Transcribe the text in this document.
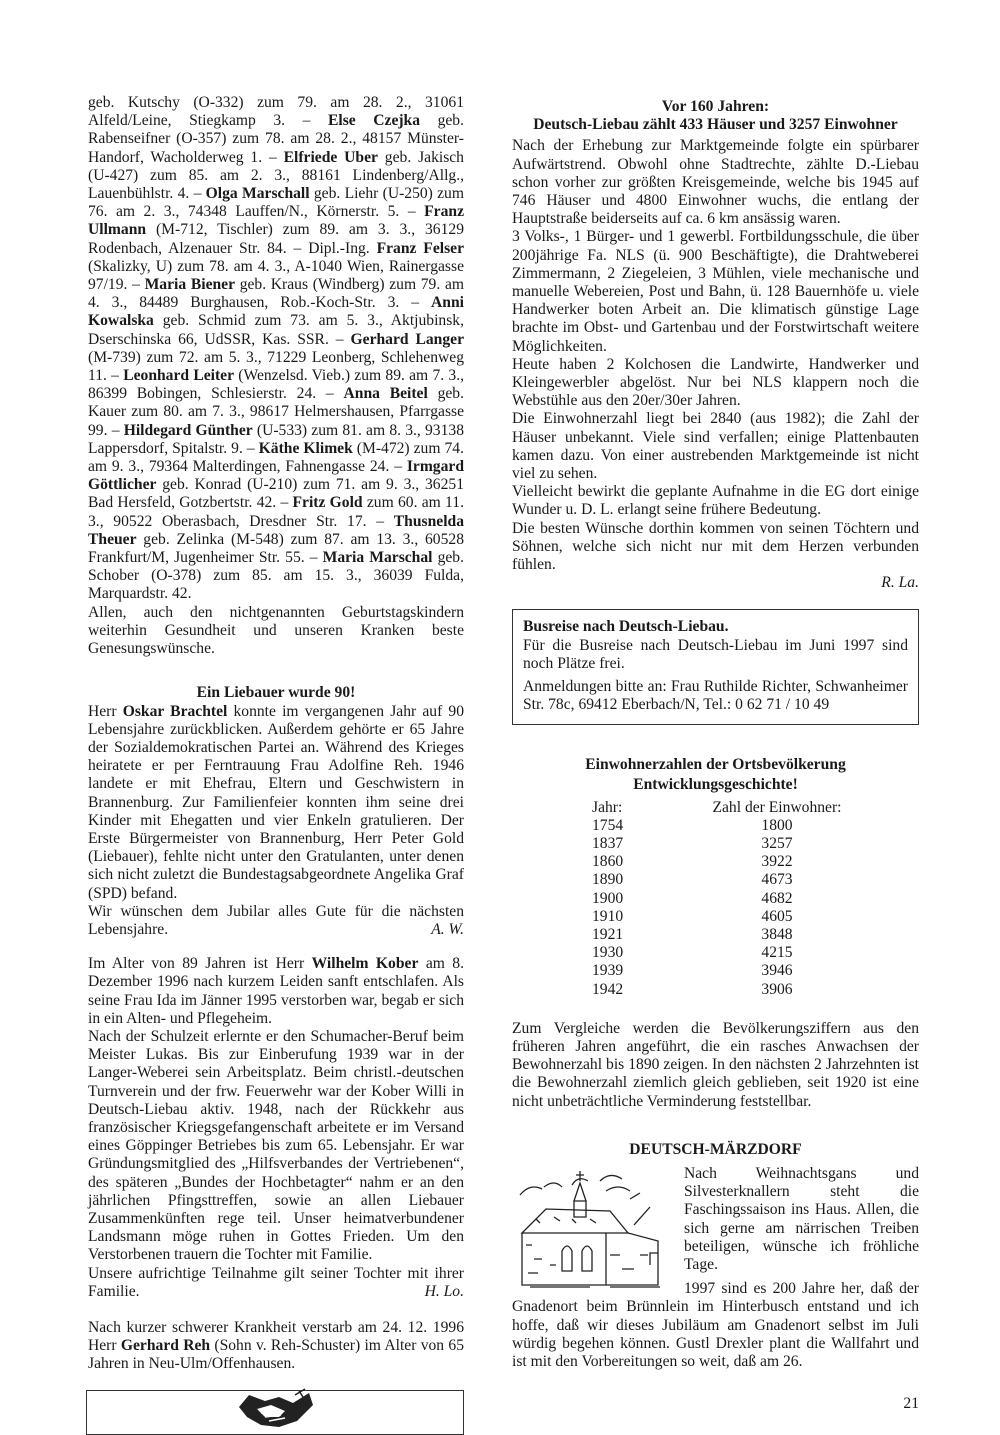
geb. Kutschy (O-332) zum 79. am 28. 2., 31061 Alfeld/Leine, Stiegkamp 3. – Else Czejka geb. Rabenseifner (O-357) zum 78. am 28. 2., 48157 Münster-Handorf, Wacholderweg 1. – Elfriede Uber geb. Jakisch (U-427) zum 85. am 2. 3., 88161 Lindenberg/Allg., Lauenbühlstr. 4. – Olga Marschall geb. Liehr (U-250) zum 76. am 2. 3., 74348 Lauffen/N., Körnerstr. 5. – Franz Ullmann (M-712, Tischler) zum 89. am 3. 3., 36129 Rodenbach, Alzenauer Str. 84. – Dipl.-Ing. Franz Felser (Skalizky, U) zum 78. am 4. 3., A-1040 Wien, Rainergasse 97/19. – Maria Biener geb. Kraus (Windberg) zum 79. am 4. 3., 84489 Burghausen, Rob.-Koch-Str. 3. – Anni Kowalska geb. Schmid zum 73. am 5. 3., Aktjubinsk, Dserschinska 66, UdSSR, Kas. SSR. – Gerhard Langer (M-739) zum 72. am 5. 3., 71229 Leonberg, Schlehenweg 11. – Leonhard Leiter (Wenzelsd. Vieb.) zum 89. am 7. 3., 86399 Bobingen, Schlesierstr. 24. – Anna Beitel geb. Kauer zum 80. am 7. 3., 98617 Helmershausen, Pfarrgasse 99. – Hildegard Günther (U-533) zum 81. am 8. 3., 93138 Lappersdorf, Spitalstr. 9. – Käthe Klimek (M-472) zum 74. am 9. 3., 79364 Malterdingen, Fahnengasse 24. – Irmgard Göttlicher geb. Konrad (U-210) zum 71. am 9. 3., 36251 Bad Hersfeld, Gotzbertstr. 42. – Fritz Gold zum 60. am 11. 3., 90522 Oberasbach, Dresdner Str. 17. – Thusnelda Theuer geb. Zelinka (M-548) zum 87. am 13. 3., 60528 Frankfurt/M, Jugenheimer Str. 55. – Maria Marschal geb. Schober (O-378) zum 85. am 15. 3., 36039 Fulda, Marquardstr. 42.

Allen, auch den nichtgenannten Geburtstagskindern weiterhin Gesundheit und unseren Kranken beste Genesungswünsche.

Ein Liebauer wurde 90!

Herr Oskar Brachtel konnte im vergangenen Jahr auf 90 Lebensjahre zurückblicken. Außerdem gehörte er 65 Jahre der Sozialdemokratischen Partei an. Während des Krieges heiratete er per Ferntrauung Frau Adolfine Reh. 1946 landete er mit Ehefrau, Eltern und Geschwistern in Brannenburg. Zur Familienfeier konnten ihm seine drei Kinder mit Ehegatten und vier Enkeln gratulieren. Der Erste Bürgermeister von Brannenburg, Herr Peter Gold (Liebauer), fehlte nicht unter den Gratulanten, unter denen sich nicht zuletzt die Bundestagsabgeordnete Angelika Graf (SPD) befand.

Wir wünschen dem Jubilar alles Gute für die nächsten Lebensjahre.	A. W.

Im Alter von 89 Jahren ist Herr Wilhelm Kober am 8. Dezember 1996 nach kurzem Leiden sanft entschlafen. Als seine Frau Ida im Jänner 1995 verstorben war, begab er sich in ein Alten- und Pflegeheim.

Nach der Schulzeit erlernte er den Schumacher-Beruf beim Meister Lukas. Bis zur Einberufung 1939 war in der Langer-Weberei sein Arbeitsplatz. Beim christl.-deutschen Turnverein und der frw. Feuerwehr war der Kober Willi in Deutsch-Liebau aktiv. 1948, nach der Rückkehr aus französischer Kriegsgefangenschaft arbeitete er im Versand eines Göppinger Betriebes bis zum 65. Lebensjahr. Er war Gründungsmitglied des „Hilfsverbandes der Vertriebenen“, des späteren „Bundes der Hochbetagter“ nahm er an den jährlichen Pfingsttreffen, sowie an allen Liebauer Zusammenkünften rege teil. Unser heimatverbundener Landsmann möge ruhen in Gottes Frieden. Um den Verstorbenen trauern die Tochter mit Familie.

Unsere aufrichtige Teilnahme gilt seiner Tochter mit ihrer Familie.	H. Lo.

Nach kurzer schwerer Krankheit verstarb am 24. 12. 1996 Herr Gerhard Reh (Sohn v. Reh-Schuster) im Alter von 65 Jahren in Neu-Ulm/Offenhausen.

Vor 160 Jahren:
Deutsch-Liebau zählt 433 Häuser und 3257 Einwohner

Nach der Erhebung zur Marktgemeinde folgte ein spürbarer Aufwärtstrend. Obwohl ohne Stadtrechte, zählte D.-Liebau schon vorher zur größten Kreisgemeinde, welche bis 1945 auf 746 Häuser und 4800 Einwohner wuchs, die entlang der Hauptstraße beiderseits auf ca. 6 km ansässig waren.

3 Volks-, 1 Bürger- und 1 gewerbl. Fortbildungsschule, die über 200jährige Fa. NLS (ü. 900 Beschäftigte), die Drahtweberei Zimmermann, 2 Ziegeleien, 3 Mühlen, viele mechanische und manuelle Webereien, Post und Bahn, ü. 128 Bauernhöfe u. viele Handwerker boten Arbeit an. Die klimatisch günstige Lage brachte im Obst- und Gartenbau und der Forstwirtschaft weitere Möglichkeiten.

Heute haben 2 Kolchosen die Landwirte, Handwerker und Kleingewerbler abgelöst. Nur bei NLS klappern noch die Webstühle aus den 20er/30er Jahren.

Die Einwohnerzahl liegt bei 2840 (aus 1982); die Zahl der Häuser unbekannt. Viele sind verfallen; einige Plattenbauten kamen dazu. Von einer austrebenden Marktgemeinde ist nicht viel zu sehen.

Vielleicht bewirkt die geplante Aufnahme in die EG dort einige Wunder u. D. L. erlangt seine frühere Bedeutung.

Die besten Wünsche dorthin kommen von seinen Töchtern und Söhnen, welche sich nicht nur mit dem Herzen verbunden fühlen.

R. La.
Busreise nach Deutsch-Liebau.

Für die Busreise nach Deutsch-Liebau im Juni 1997 sind noch Plätze frei.

Anmeldungen bitte an: Frau Ruthilde Richter, Schwanheimer Str. 78c, 69412 Eberbach/N, Tel.: 0 62 71 / 10 49

Einwohnerzahlen der Ortsbevölkerung
Entwicklungsgeschichte!
Jahr:	Zahl der Einwohner:
1754	1800
1837	3257
1860	3922
1890	4673
1900	4682
1910	4605
1921	3848
1930	4215
1939	3946
1942	3906

Zum Vergleiche werden die Bevölkerungsziffern aus den früheren Jahren angeführt, die ein rasches Anwachsen der Bewohnerzahl bis 1890 zeigen. In den nächsten 2 Jahrzehnten ist die Bewohnerzahl ziemlich gleich geblieben, seit 1920 ist eine nicht unbeträchtliche Verminderung feststellbar.

DEUTSCH-MÄRZDORF

Nach Weihnachtsgans und Silvesterknallern steht die Faschingssaison ins Haus. Allen, die sich gerne am närrischen Treiben beteiligen, wünsche ich fröhliche Tage.

1997 sind es 200 Jahre her, daß der Gnadenort beim Brünnlein im Hinterbusch entstand und ich hoffe, daß wir dieses Jubiläum am Gnadenort selbst im Juli würdig begehen können. Gustl Drexler plant die Wallfahrt und ist mit den Vorbereitungen so weit, daß am 26.

21
